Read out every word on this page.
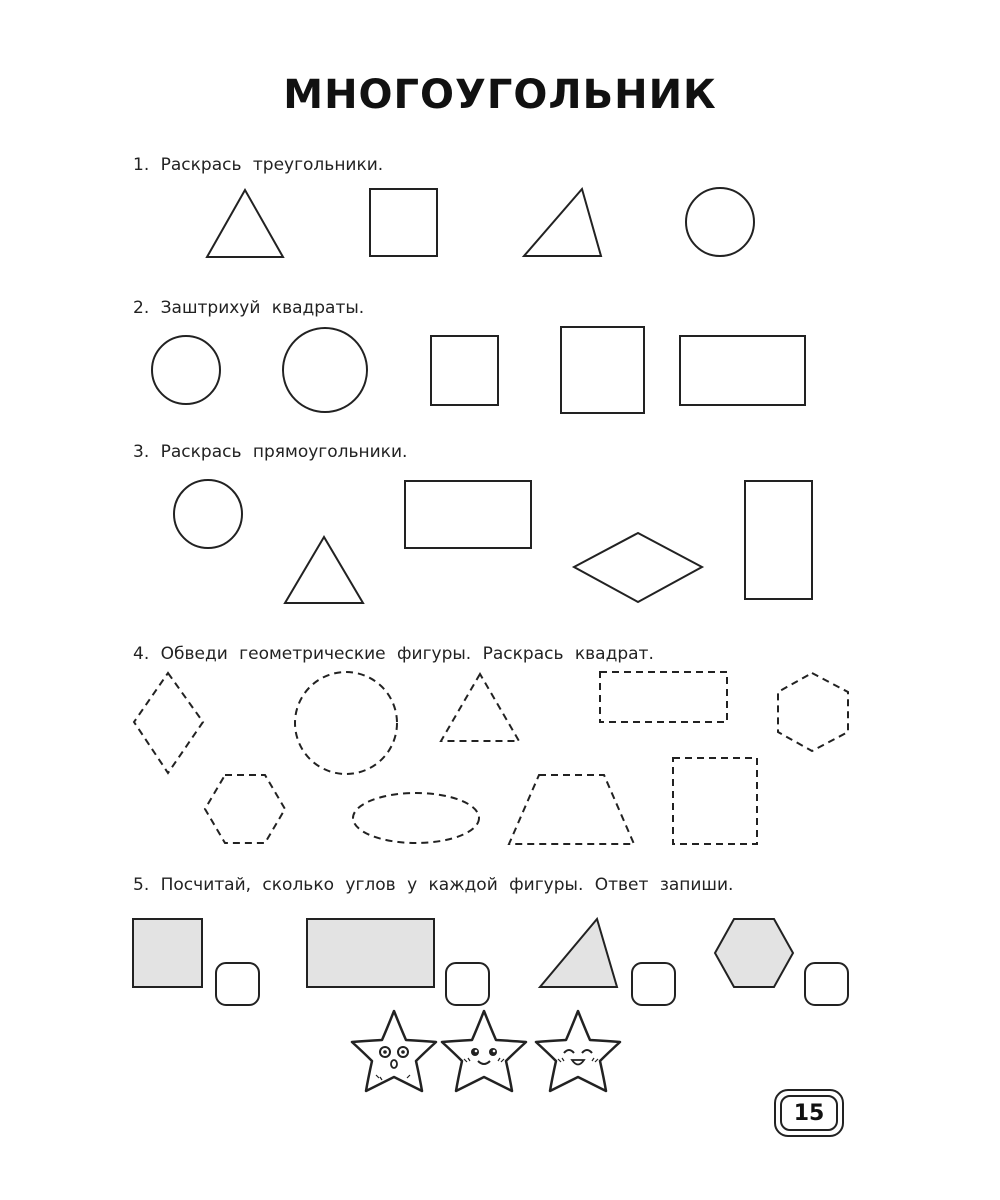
МНОГОУГОЛЬНИК
1. Раскрась треугольники.
2. Заштрихуй квадраты.
3. Раскрась прямоугольники.
4. Обведи геометрические фигуры. Раскрась квадрат.
5. Посчитай, сколько углов у каждой фигуры. Ответ запиши.
15
